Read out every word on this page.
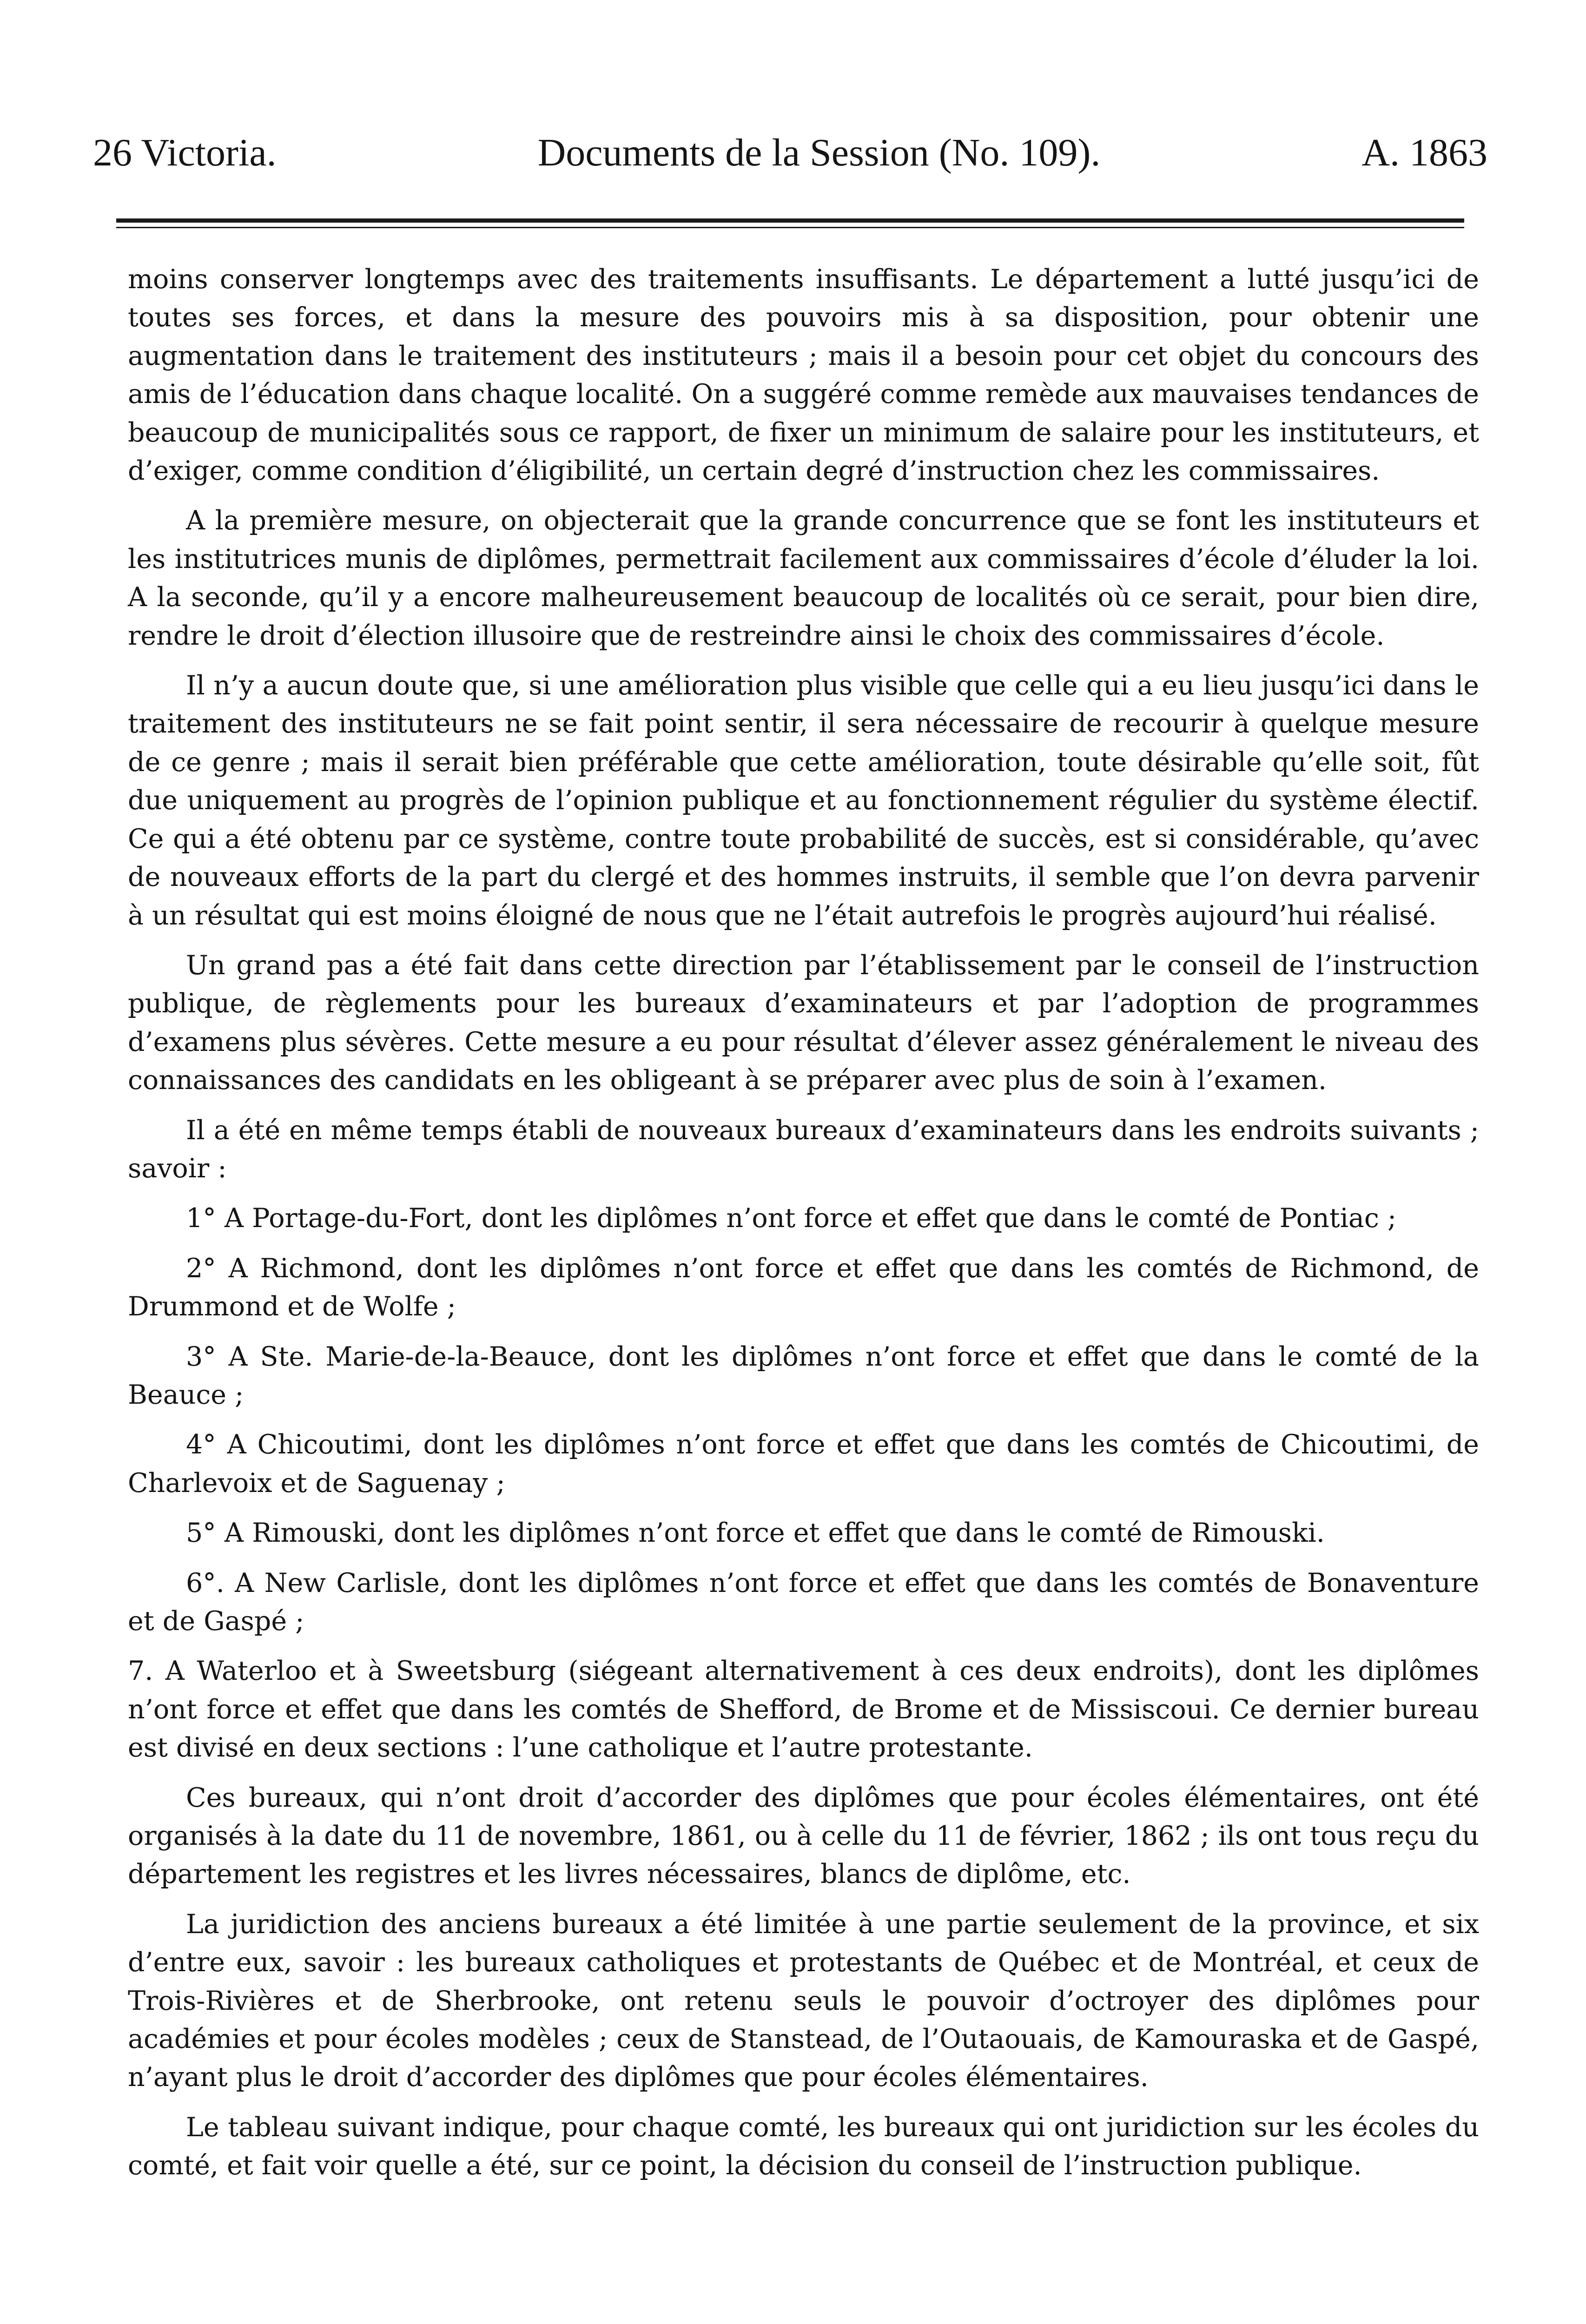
26 Victoria.	Documents de la Session (No. 109).	A. 1863

moins conserver longtemps avec des traitements insuffisants. Le département a lutté jusqu’ici de toutes ses forces, et dans la mesure des pouvoirs mis à sa disposition, pour obtenir une augmentation dans le traitement des instituteurs ; mais il a besoin pour cet objet du concours des amis de l’éducation dans chaque localité. On a suggéré comme remède aux mauvaises tendances de beaucoup de municipalités sous ce rapport, de fixer un minimum de salaire pour les instituteurs, et d’exiger, comme condition d’éligibilité, un certain degré d’instruction chez les commissaires.

A la première mesure, on objecterait que la grande concurrence que se font les instituteurs et les institutrices munis de diplômes, permettrait facilement aux commissaires d’école d’éluder la loi. A la seconde, qu’il y a encore malheureusement beaucoup de localités où ce serait, pour bien dire, rendre le droit d’élection illusoire que de restreindre ainsi le choix des commissaires d’école.

Il n’y a aucun doute que, si une amélioration plus visible que celle qui a eu lieu jusqu’ici dans le traitement des instituteurs ne se fait point sentir, il sera nécessaire de recourir à quelque mesure de ce genre ; mais il serait bien préférable que cette amélioration, toute désirable qu’elle soit, fût due uniquement au progrès de l’opinion publique et au fonctionnement régulier du système électif. Ce qui a été obtenu par ce système, contre toute probabilité de succès, est si considérable, qu’avec de nouveaux efforts de la part du clergé et des hommes instruits, il semble que l’on devra parvenir à un résultat qui est moins éloigné de nous que ne l’était autrefois le progrès aujourd’hui réalisé.

Un grand pas a été fait dans cette direction par l’établissement par le conseil de l’instruction publique, de règlements pour les bureaux d’examinateurs et par l’adoption de programmes d’examens plus sévères. Cette mesure a eu pour résultat d’élever assez généralement le niveau des connaissances des candidats en les obligeant à se préparer avec plus de soin à l’examen.

Il a été en même temps établi de nouveaux bureaux d’examinateurs dans les endroits suivants ; savoir :

1° A Portage-du-Fort, dont les diplômes n’ont force et effet que dans le comté de Pontiac ;

2° A Richmond, dont les diplômes n’ont force et effet que dans les comtés de Richmond, de Drummond et de Wolfe ;

3° A Ste. Marie-de-la-Beauce, dont les diplômes n’ont force et effet que dans le comté de la Beauce ;

4° A Chicoutimi, dont les diplômes n’ont force et effet que dans les comtés de Chicoutimi, de Charlevoix et de Saguenay ;

5° A Rimouski, dont les diplômes n’ont force et effet que dans le comté de Rimouski.

6°. A New Carlisle, dont les diplômes n’ont force et effet que dans les comtés de Bonaventure et de Gaspé ;

7. A Waterloo et à Sweetsburg (siégeant alternativement à ces deux endroits), dont les diplômes n’ont force et effet que dans les comtés de Shefford, de Brome et de Missiscoui. Ce dernier bureau est divisé en deux sections : l’une catholique et l’autre protestante.

Ces bureaux, qui n’ont droit d’accorder des diplômes que pour écoles élémentaires, ont été organisés à la date du 11 de novembre, 1861, ou à celle du 11 de février, 1862 ; ils ont tous reçu du département les registres et les livres nécessaires, blancs de diplôme, etc.

La juridiction des anciens bureaux a été limitée à une partie seulement de la province, et six d’entre eux, savoir : les bureaux catholiques et protestants de Québec et de Montréal, et ceux de Trois-Rivières et de Sherbrooke, ont retenu seuls le pouvoir d’octroyer des diplômes pour académies et pour écoles modèles ; ceux de Stanstead, de l’Outaouais, de Kamouraska et de Gaspé, n’ayant plus le droit d’accorder des diplômes que pour écoles élémentaires.

Le tableau suivant indique, pour chaque comté, les bureaux qui ont juridiction sur les écoles du comté, et fait voir quelle a été, sur ce point, la décision du conseil de l’instruction publique.
